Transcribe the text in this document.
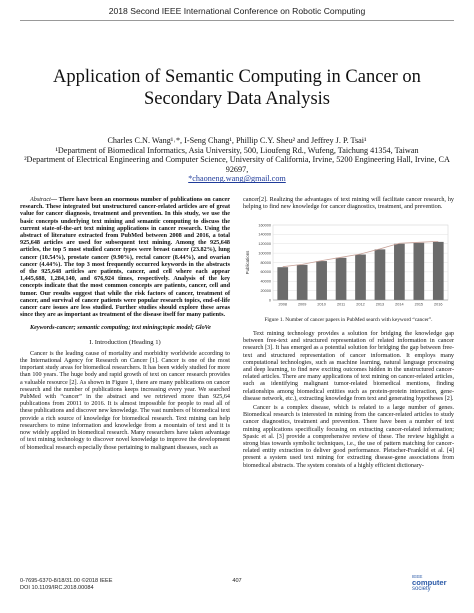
2018 Second IEEE International Conference on Robotic Computing
Application of Semantic Computing in Cancer on
Secondary Data Analysis
Charles C.N. Wang¹˒*, I-Seng Chang¹, Phillip C.Y. Sheu² and Jeffrey J. P. Tsai¹
¹Department of Biomedical Informatics, Asia University, 500, Lioufeng Rd., Wufeng, Taichung 41354, Taiwan
²Department of Electrical Engineering and Computer Science, University of California, Irvine, 5200 Engineering Hall, Irvine, CA
92697,
*chaoneng.wang@gmail.com

Abstract— There have been an enormous number of publications on cancer research. These integrated but unstructured cancer-related articles are of great value for cancer diagnosis, treatment and prevention. In this study, we use the basic concepts underlying text mining and semantic computing to discuss the current state-of-the-art text mining applications in cancer research. Using the abstract of literature extracted from PubMed between 2008 and 2016, a total 925,648 articles are used for subsequent text mining. Among the 925,648 articles, the top 5 most studied cancer types were breast cancer (23.82%), lung cancer (10.54%), prostate cancer (9.90%), rectal cancer (8.44%), and ovarian cancer (4.44%). The top 3 most frequently occurred keywords in the abstracts of the 925,648 articles are patients, cancer, and cell where each appear 1,445,688, 1,284,140, and 676,924 times, respectively. Analysis of the key concepts indicate that the most common concepts are patients, cancer, cell and tumor. Our results suggest that while the risk factors of cancer, treatment of cancer, and survival of cancer patients were popular research topics, end-of-life cancer care issues are less studied. Further studies should explore these areas since they are as important as treatment of the disease itself for many patients.

Keywords-cancer; semantic computing; text mining;topic model; GloVe

I. Introduction (Heading 1)

Cancer is the leading cause of mortality and morbidity worldwide according to the International Agency for Research on Cancer [1]. Cancer is one of the most important study areas for biomedical researchers. It has been widely studied for more than 100 years. The huge body and rapid growth of text on cancer research provides a valuable resource [2]. As shown in Figure 1, there are many publications on cancer research and the number of publications keeps increasing every year. We searched PubMed with “cancer” in the abstract and we retrieved more than 925,64 publications from 20011 to 2016. It is almost impossible for people to read all of these publications and discover new knowledge. The vast numbers of biomedical text provide a rich source of knowledge for biomedical research. Text mining can help researchers to mine information and knowledge from a mountain of text and it is now widely applied in biomedical research. Many researchers have taken advantage of text mining technology to discover novel knowledge to improve the development of biomedical research especially those pertaining to malignant diseases, such as

cancer[2]. Realizing the advantages of text mining will facilitate cancer research, hy helping to find new knowledge for cancer diagnostics, treatment, and prevention.

0
20000
40000
60000
80000
100000
120000
140000
160000
Publications
2008	2009	2010	2011	2012	2013	2014	2015	2016

Figure 1. Number of cancer papers in PubMed search with keyword “cancer”.

Text mining technology provides a solution for bridging the knowledge gap between free-text and structured representation of related information in cancer research [3]. It has emerged as a potential solution for bridging the gap between free-text and structured representation of cancer information. It employs many computational technologies, such as machine learning, natural language processing and deep learning, to find new exciting outcomes hidden in the unstructured cancer-related articles. There are many applications of text mining on cancer-related articles, such as identifying malignant tumor-related biomedical mentions, finding relationships among biomedical entities such as protein-protein interaction, gene-disease network, etc.), extracting knowledge from text and generating hypotheses [2].

Cancer is a complex disease, which is related to a large number of genes. Biomedical research is interested in mining from the cancer-related articles to study cancer diagnostics, treatment and prevention. There have been a number of text mining applications specifically focusing on extracting cancer-related information; Spasic et al. [3] provide a comprehensive review of these. The review highlight a strong bias towards symbolic techniques, i.e., the use of pattern matching for cancer-related entity extraction to deliver good performance. Pletscher-Frankild et al. [4] present a system used text mining for extracting disease-gene associations from biomedical abstracts. The system consists of a highly efficient dictionary-

0-7695-6370-8/18/31.00 ©2018 IEEE
DOI 10.1109/IRC.2018.00084
407
IEEE
computer
society
